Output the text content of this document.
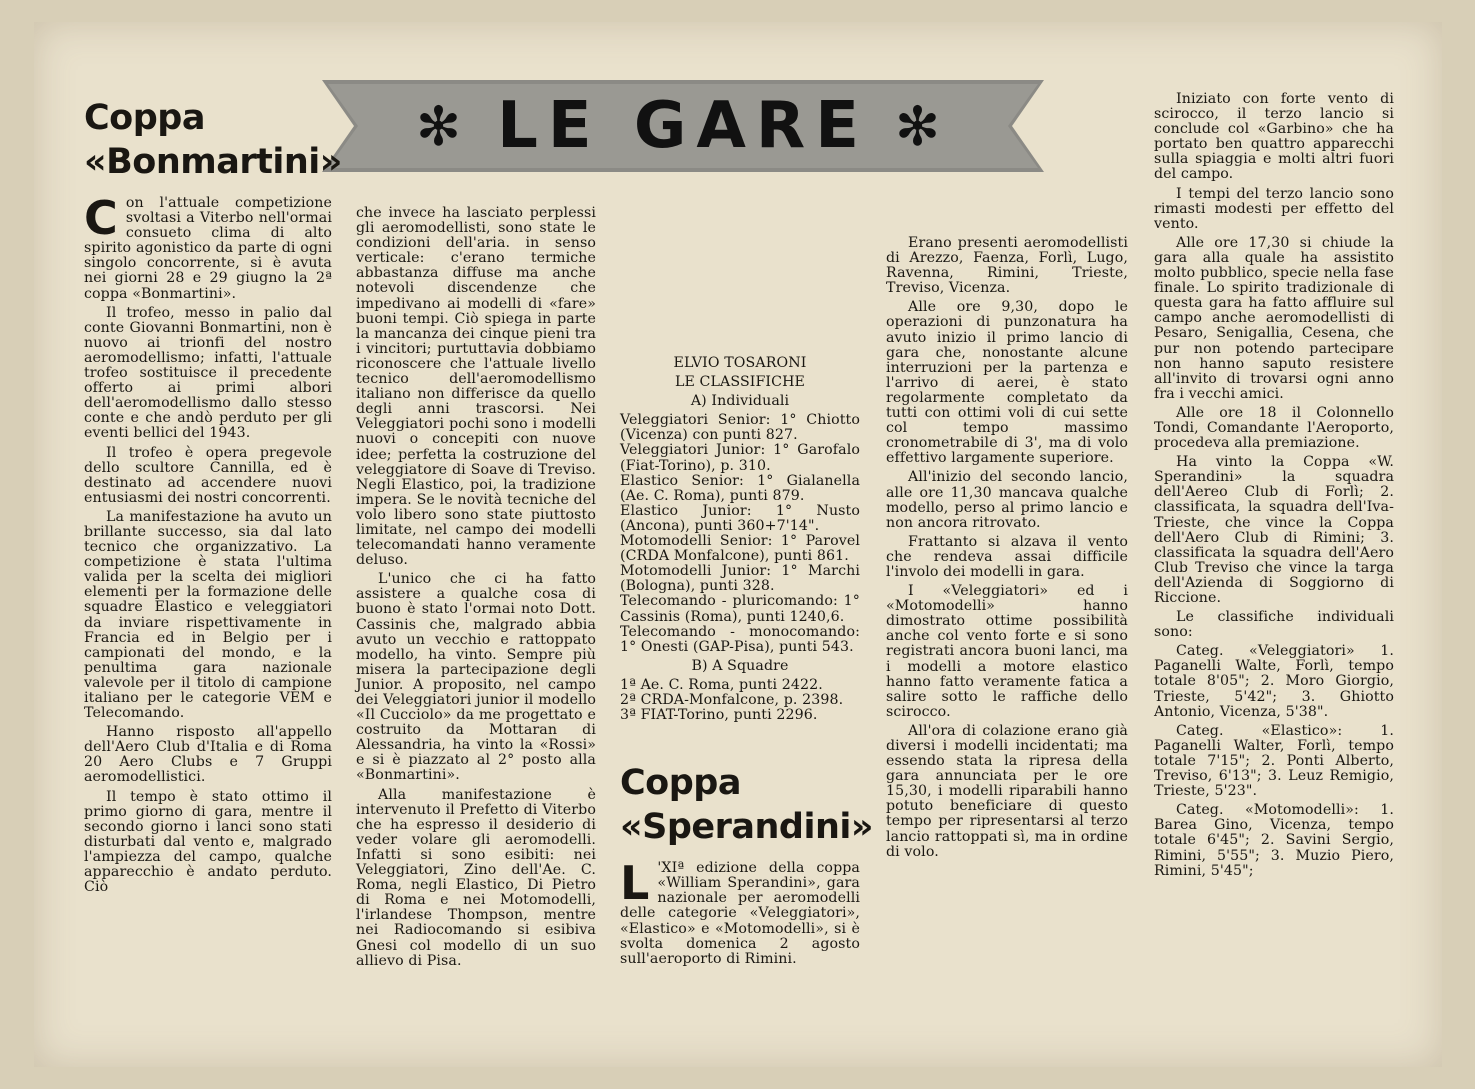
✻ LE GARE ✻
Coppa
«Bonmartini»

Con l'attuale competizione svoltasi a Viterbo nell'ormai consueto clima di alto spirito agonistico da parte di ogni singolo concorrente, si è avuta nei giorni 28 e 29 giugno la 2ª coppa «Bonmartini».

Il trofeo, messo in palio dal conte Giovanni Bonmartini, non è nuovo ai trionfi del nostro aeromodellismo; infatti, l'attuale trofeo sostituisce il precedente offerto ai primi albori dell'aeromodellismo dallo stesso conte e che andò perduto per gli eventi bellici del 1943.

Il trofeo è opera pregevole dello scultore Cannilla, ed è destinato ad accendere nuovi entusiasmi dei nostri concorrenti.

La manifestazione ha avuto un brillante successo, sia dal lato tecnico che organizzativo. La competizione è stata l'ultima valida per la scelta dei migliori elementi per la formazione delle squadre Elastico e veleggiatori da inviare rispettivamente in Francia ed in Belgio per i campionati del mondo, e la penultima gara nazionale valevole per il titolo di campione italiano per le categorie VEM e Telecomando.

Hanno risposto all'appello dell'Aero Club d'Italia e di Roma 20 Aero Clubs e 7 Gruppi aeromodellistici.

Il tempo è stato ottimo il primo giorno di gara, mentre il secondo giorno i lanci sono stati disturbati dal vento e, malgrado l'ampiezza del campo, qualche apparecchio è andato perduto. Ciò

che invece ha lasciato perplessi gli aeromodellisti, sono state le condizioni dell'aria. in senso verticale: c'erano termiche abbastanza diffuse ma anche notevoli discendenze che impedivano ai modelli di «fare» buoni tempi. Ciò spiega in parte la mancanza dei cinque pieni tra i vincitori; purtuttavia dobbiamo riconoscere che l'attuale livello tecnico dell'aeromodellismo italiano non differisce da quello degli anni trascorsi. Nei Veleggiatori pochi sono i modelli nuovi o concepiti con nuove idee; perfetta la costruzione del veleggiatore di Soave di Treviso. Negli Elastico, poi, la tradizione impera. Se le novità tecniche del volo libero sono state piuttosto limitate, nel campo dei modelli telecomandati hanno veramente deluso.

L'unico che ci ha fatto assistere a qualche cosa di buono è stato l'ormai noto Dott. Cassinis che, malgrado abbia avuto un vecchio e rattoppato modello, ha vinto. Sempre più misera la partecipazione degli Junior. A proposito, nel campo dei Veleggiatori junior il modello «Il Cucciolo» da me progettato e costruito da Mottaran di Alessandria, ha vinto la «Rossi» e si è piazzato al 2° posto alla «Bonmartini».

Alla manifestazione è intervenuto il Prefetto di Viterbo che ha espresso il desiderio di veder volare gli aeromodelli. Infatti si sono esibiti: nei Veleggiatori, Zino dell'Ae. C. Roma, negli Elastico, Di Pietro di Roma e nei Motomodelli, l'irlandese Thompson, mentre nei Radiocomando si esibiva Gnesi col modello di un suo allievo di Pisa.

ELVIO TOSARONI

LE CLASSIFICHE

A) Individuali

Veleggiatori Senior: 1° Chiotto (Vicenza) con punti 827.

Veleggiatori Junior: 1° Garofalo (Fiat-Torino), p. 310.

Elastico Senior: 1° Gialanella (Ae. C. Roma), punti 879.

Elastico Junior: 1° Nusto (Ancona), punti 360+7'14".

Motomodelli Senior: 1° Parovel (CRDA Monfalcone), punti 861.

Motomodelli Junior: 1° Marchi (Bologna), punti 328.

Telecomando - pluricomando: 1° Cassinis (Roma), punti 1240,6.

Telecomando - monocomando: 1° Onesti (GAP-Pisa), punti 543.

B) A Squadre

1ª Ae. C. Roma, punti 2422.

2ª CRDA-Monfalcone, p. 2398.

3ª FIAT-Torino, punti 2296.

Coppa
«Sperandini»

L 'XIª edizione della coppa «William Sperandini», gara nazionale per aeromodelli delle categorie «Veleggiatori», «Elastico» e «Motomodelli», si è svolta domenica 2 agosto sull'aeroporto di Rimini.

Erano presenti aeromodellisti di Arezzo, Faenza, Forlì, Lugo, Ravenna, Rimini, Trieste, Treviso, Vicenza.

Alle ore 9,30, dopo le operazioni di punzonatura ha avuto inizio il primo lancio di gara che, nonostante alcune interruzioni per la partenza e l'arrivo di aerei, è stato regolarmente completato da tutti con ottimi voli di cui sette col tempo massimo cronometrabile di 3', ma di volo effettivo largamente superiore.

All'inizio del secondo lancio, alle ore 11,30 mancava qualche modello, perso al primo lancio e non ancora ritrovato.

Frattanto si alzava il vento che rendeva assai difficile l'involo dei modelli in gara.

I «Veleggiatori» ed i «Motomodelli» hanno dimostrato ottime possibilità anche col vento forte e si sono registrati ancora buoni lanci, ma i modelli a motore elastico hanno fatto veramente fatica a salire sotto le raffiche dello scirocco.

All'ora di colazione erano già diversi i modelli incidentati; ma essendo stata la ripresa della gara annunciata per le ore 15,30, i modelli riparabili hanno potuto beneficiare di questo tempo per ripresentarsi al terzo lancio rattoppati sì, ma in ordine di volo.

Iniziato con forte vento di scirocco, il terzo lancio si conclude col «Garbino» che ha portato ben quattro apparecchi sulla spiaggia e molti altri fuori del campo.

I tempi del terzo lancio sono rimasti modesti per effetto del vento.

Alle ore 17,30 si chiude la gara alla quale ha assistito molto pubblico, specie nella fase finale. Lo spirito tradizionale di questa gara ha fatto affluire sul campo anche aeromodellisti di Pesaro, Senigallia, Cesena, che pur non potendo partecipare non hanno saputo resistere all'invito di trovarsi ogni anno fra i vecchi amici.

Alle ore 18 il Colonnello Tondi, Comandante l'Aeroporto, procedeva alla premiazione.

Ha vinto la Coppa «W. Sperandini» la squadra dell'Aereo Club di Forlì; 2. classificata, la squadra dell'Iva-Trieste, che vince la Coppa dell'Aero Club di Rimini; 3. classificata la squadra dell'Aero Club Treviso che vince la targa dell'Azienda di Soggiorno di Riccione.

Le classifiche individuali sono:

Categ. «Veleggiatori» 1. Paganelli Walte, Forlì, tempo totale 8'05"; 2. Moro Giorgio, Trieste, 5'42"; 3. Ghiotto Antonio, Vicenza, 5'38".

Categ. «Elastico»: 1. Paganelli Walter, Forlì, tempo totale 7'15"; 2. Ponti Alberto, Treviso, 6'13"; 3. Leuz Remigio, Trieste, 5'23".

Categ. «Motomodelli»: 1. Barea Gino, Vicenza, tempo totale 6'45"; 2. Savini Sergio, Rimini, 5'55"; 3. Muzio Piero, Rimini, 5'45";
